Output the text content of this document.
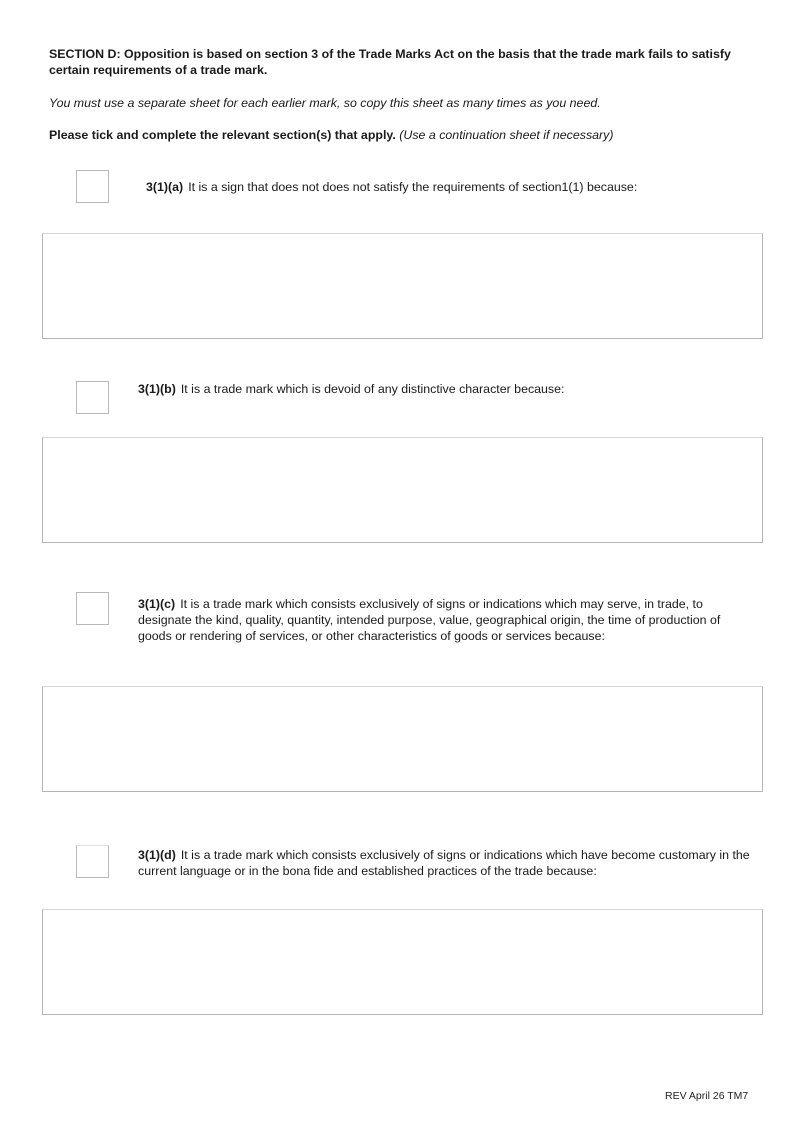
SECTION D: Opposition is based on section 3 of the Trade Marks Act on the basis that the trade mark fails to satisfy certain requirements of a trade mark.
You must use a separate sheet for each earlier mark, so copy this sheet as many times as you need.
Please tick and complete the relevant section(s) that apply. (Use a continuation sheet if necessary)
3(1)(a) It is a sign that does not does not satisfy the requirements of section1(1) because:
3(1)(b) It is a trade mark which is devoid of any distinctive character because:
3(1)(c) It is a trade mark which consists exclusively of signs or indications which may serve, in trade, to designate the kind, quality, quantity, intended purpose, value, geographical origin, the time of production of goods or rendering of services, or other characteristics of goods or services because:
3(1)(d) It is a trade mark which consists exclusively of signs or indications which have become customary in the current language or in the bona fide and established practices of the trade because:
REV April 26 TM7
